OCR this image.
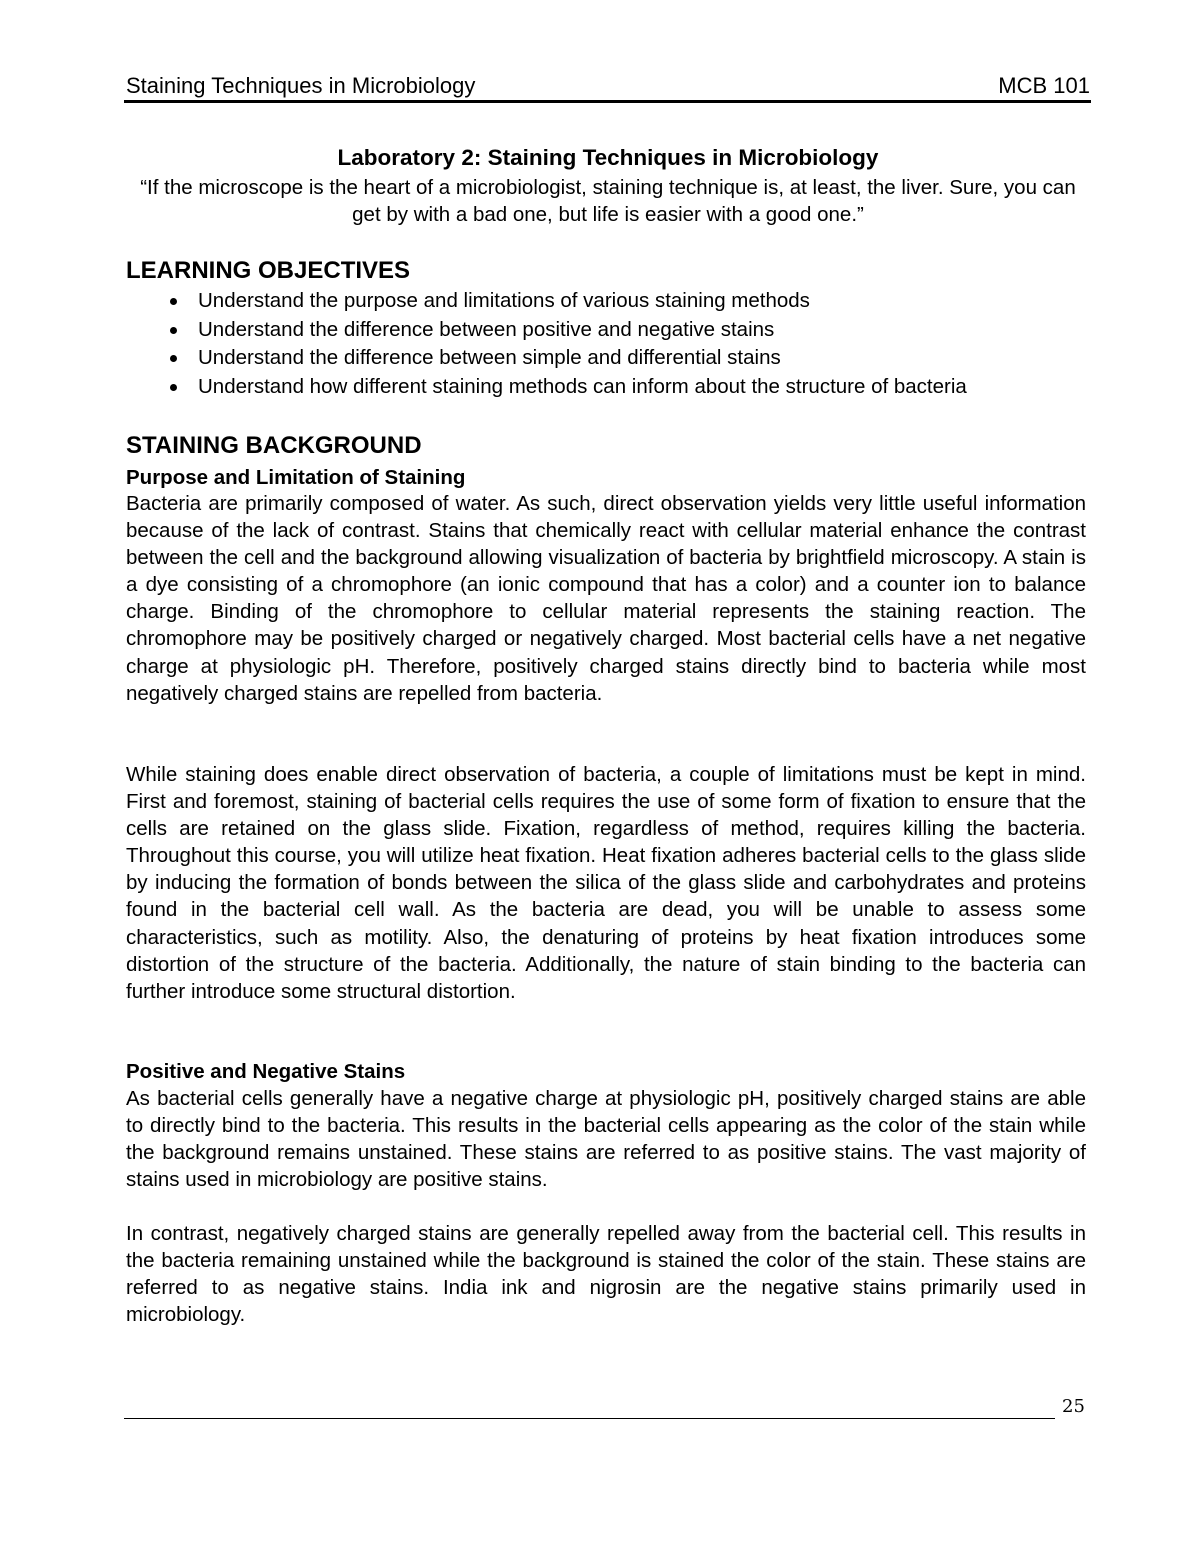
Staining Techniques in Microbiology	MCB 101
Laboratory 2: Staining Techniques in Microbiology
“If the microscope is the heart of a microbiologist, staining technique is, at least, the liver. Sure, you can get by with a bad one, but life is easier with a good one.”
LEARNING OBJECTIVES
Understand the purpose and limitations of various staining methods
Understand the difference between positive and negative stains
Understand the difference between simple and differential stains
Understand how different staining methods can inform about the structure of bacteria
STAINING BACKGROUND
Purpose and Limitation of Staining

Bacteria are primarily composed of water. As such, direct observation yields very little useful information because of the lack of contrast. Stains that chemically react with cellular material enhance the contrast between the cell and the background allowing visualization of bacteria by brightfield microscopy. A stain is a dye consisting of a chromophore (an ionic compound that has a color) and a counter ion to balance charge. Binding of the chromophore to cellular material represents the staining reaction. The chromophore may be positively charged or negatively charged. Most bacterial cells have a net negative charge at physiologic pH. Therefore, positively charged stains directly bind to bacteria while most negatively charged stains are repelled from bacteria.

While staining does enable direct observation of bacteria, a couple of limitations must be kept in mind. First and foremost, staining of bacterial cells requires the use of some form of fixation to ensure that the cells are retained on the glass slide. Fixation, regardless of method, requires killing the bacteria. Throughout this course, you will utilize heat fixation. Heat fixation adheres bacterial cells to the glass slide by inducing the formation of bonds between the silica of the glass slide and carbohydrates and proteins found in the bacterial cell wall. As the bacteria are dead, you will be unable to assess some characteristics, such as motility. Also, the denaturing of proteins by heat fixation introduces some distortion of the structure of the bacteria. Additionally, the nature of stain binding to the bacteria can further introduce some structural distortion.

Positive and Negative Stains

As bacterial cells generally have a negative charge at physiologic pH, positively charged stains are able to directly bind to the bacteria. This results in the bacterial cells appearing as the color of the stain while the background remains unstained. These stains are referred to as positive stains. The vast majority of stains used in microbiology are positive stains.

In contrast, negatively charged stains are generally repelled away from the bacterial cell. This results in the bacteria remaining unstained while the background is stained the color of the stain. These stains are referred to as negative stains. India ink and nigrosin are the negative stains primarily used in microbiology.

25
